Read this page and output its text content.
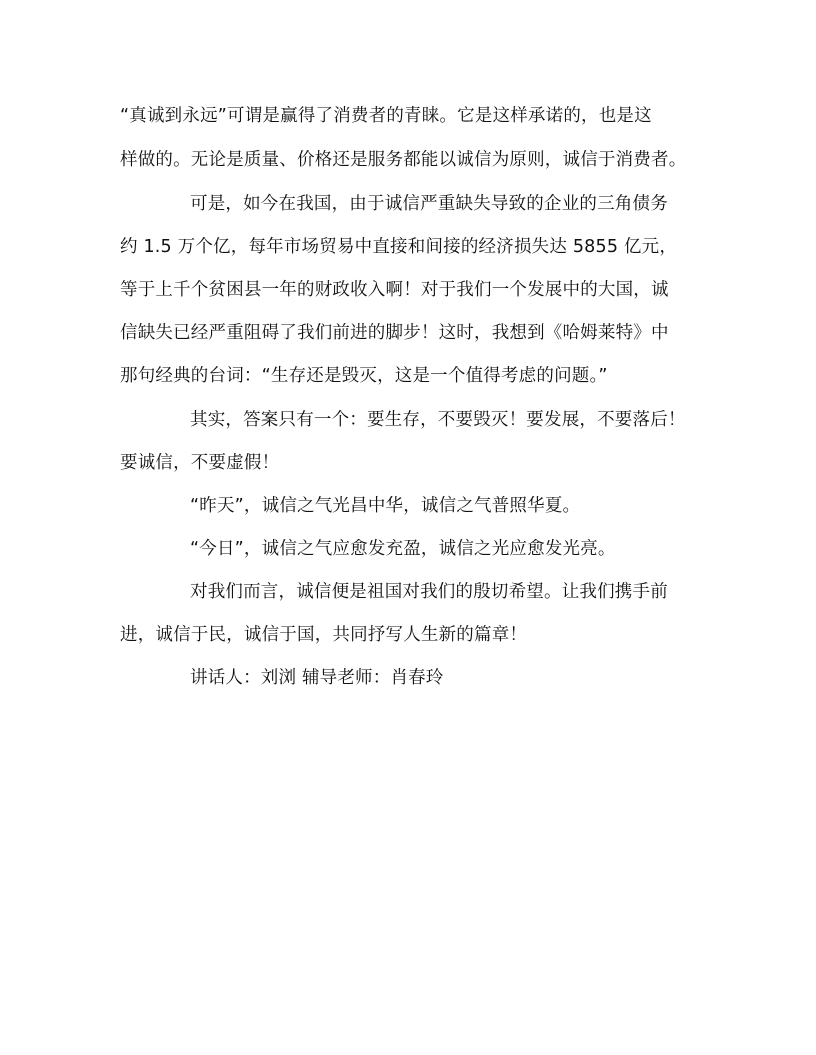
“真诚到永远”可谓是赢得了消费者的青睐。它是这样承诺的，也是这
样做的。无论是质量、价格还是服务都能以诚信为原则，诚信于消费者。
可是，如今在我国，由于诚信严重缺失导致的企业的三角债务
约 1.5 万个亿，每年市场贸易中直接和间接的经济损失达 5855 亿元，
等于上千个贫困县一年的财政收入啊！对于我们一个发展中的大国，诚
信缺失已经严重阻碍了我们前进的脚步！这时，我想到《哈姆莱特》中
那句经典的台词：“生存还是毁灭，这是一个值得考虑的问题。”
其实，答案只有一个：要生存，不要毁灭！要发展，不要落后！
要诚信，不要虚假！
“昨天”，诚信之气光昌中华，诚信之气普照华夏。
“今日”，诚信之气应愈发充盈，诚信之光应愈发光亮。
对我们而言，诚信便是祖国对我们的殷切希望。让我们携手前
进，诚信于民，诚信于国，共同抒写人生新的篇章！
讲话人：刘浏 辅导老师：肖春玲
